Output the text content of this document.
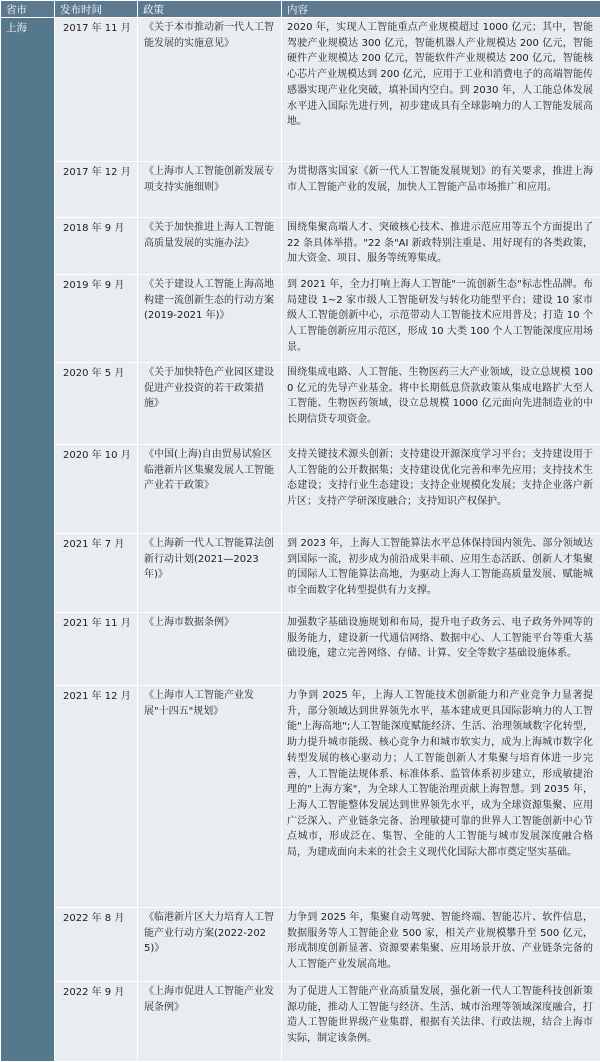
省市	发布时间	政策	内容
上海	2017 年 11 月	《关于本市推动新一代人工智能发展的实施意见》	2020 年，实现人工智能重点产业规模超过 1000 亿元；其中，智能驾驶产业规模达 300 亿元，智能机器人产业规模达 200 亿元，智能硬件产业规模达 200 亿元，智能软件产业规模达 200 亿元，智能核心芯片产业规模达到 200 亿元，应用于工业和消费电子的高端智能传感器实现产业化突破，填补国内空白。到 2030 年，人工能总体发展水平进入国际先进行列，初步建成具有全球影响力的人工智能发展高地。

	2017 年 12 月	《上海市人工智能创新发展专项支持实施细则》	为贯彻落实国家《新一代人工智能发展规划》的有关要求，推进上海市人工智能产业的发展，加快人工智能产品市场推广和应用。

	2018 年 9 月	《关于加快推进上海人工智能高质量发展的实施办法》	围绕集聚高端人才、突破核心技术、推进示范应用等五个方面提出了 22 条具体举措。"22 条"AI 新政特别注重是、用好现有的各类政策，加大资金、项目、服务等统筹集成。

	2019 年 9 月	《关于建设人工智能上海高地构建一流创新生态的行动方案(2019-2021 年)》	到 2021 年，全力打响上海人工智能"一流创新生态"标志性品牌。布局建设 1~2 家市级人工智能研发与转化功能型平台；建设 10 家市级人工智能创新中心，示范带动人工智能技术应用普及；打造 10 个人工智能创新应用示范区，形成 10 大类 100 个人工智能深度应用场景。

	2020 年 5 月	《关于加快特色产业园区建设促进产业投资的若干政策措施》	围绕集成电路、人工智能、生物医药三大产业领域，设立总规模 1000 亿元的先导产业基金。将中长期低息贷款政策从集成电路扩大至人工智能、生物医药领域，设立总规模 1000 亿元面向先进制造业的中长期信贷专项资金。

	2020 年 10 月	《中国(上海)自由贸易试验区临港新片区集聚发展人工智能产业若干政策》	支持关键技术源头创新；支持建设开源深度学习平台；支持建设用于人工智能的公开数据集；支持建设优化完善和率先应用；支持技术生态建设；支持行业生态建设；支持企业规模化发展；支持企业落户新片区；支持产学研深度融合；支持知识产权保护。

	2021 年 7 月	《上海新一代人工智能算法创新行动计划(2021—2023 年)》	到 2023 年，上海人工智能算法水平总体保持国内领先、部分领域达到国际一流，初步成为前沿成果丰硕、应用生态活跃、创新人才集聚的国际人工智能算法高地，为驱动上海人工智能高质量发展、赋能城市全面数字化转型提供有力支撑。

	2021 年 11 月	《上海市数据条例》	加强数字基础设施规划和布局，提升电子政务云、电子政务外网等的服务能力，建设新一代通信网络、数据中心、人工智能平台等重大基础设施，建立完善网络、存储、计算、安全等数字基础设施体系。

	2021 年 12 月	《上海市人工智能产业发展"十四五"规划》	力争到 2025 年，上海人工智能技术创新能力和产业竞争力显著提升，部分领域达到世界领先水平，基本建成更具国际影响力的人工智能"上海高地";人工智能深度赋能经济、生活、治理领域数字化转型，助力提升城市能级、核心竞争力和城市软实力，成为上海城市数字化转型发展的核心驱动力；人工智能创新人才集聚与培育体进一步完善，人工智能法规体系、标准体系、监管体系初步建立，形成敏捷治理的"上海方案"，为全球人工智能治理贡献上海智慧。到 2035 年，上海人工智能整体发展达到世界领先水平，成为全球资源集聚、应用广泛深入、产业链条完备、治理敏捷可靠的世界人工智能创新中心节点城市，形成泛在、集智、全能的人工智能与城市发展深度融合格局，为建成面向未来的社会主义现代化国际大都市奠定坚实基础。

	2022 年 8 月	《临港新片区大力培育人工智能产业行动方案(2022-2025)》	力争到 2025 年，集聚自动驾驶、智能终端、智能芯片、软件信息，数据服务等人工智能企业 500 家，相关产业规模攀升至 500 亿元，形成制度创新显著、资源要素集聚、应用场景开放、产业链条完备的人工智能产业发展高地。

	2022 年 9 月	《上海市促进人工智能产业发展条例》	为了促进人工智能产业高质量发展，强化新一代人工智能科技创新策源功能，推动人工智能与经济、生活、城市治理等领域深度融合，打造人工智能世界级产业集群，根据有关法律、行政法规，结合上海市实际，制定该条例。
